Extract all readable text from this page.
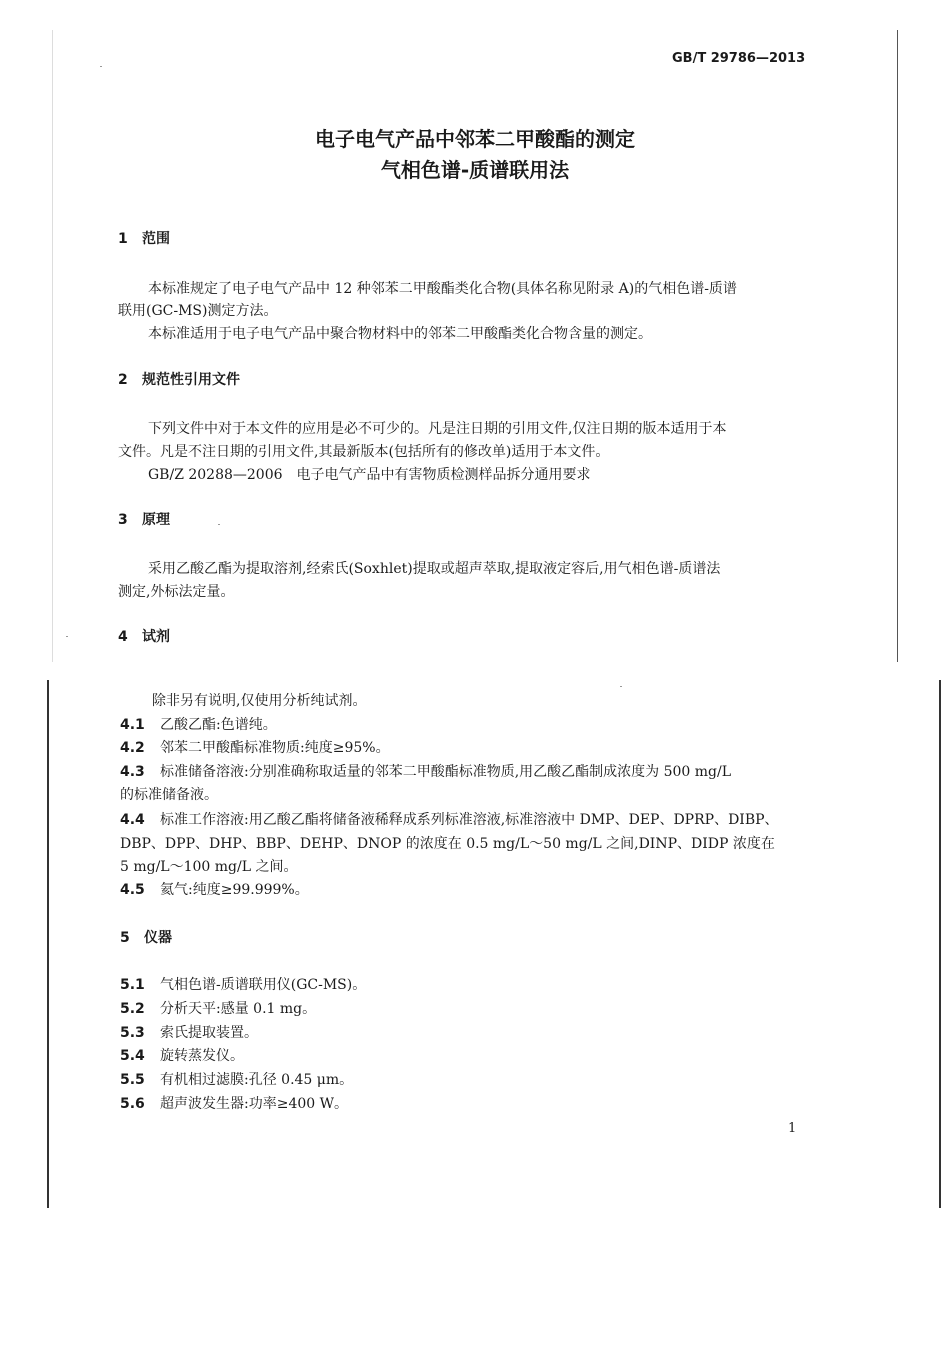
GB/T 29786—2013
电子电气产品中邻苯二甲酸酯的测定
气相色谱-质谱联用法
1 范围
本标准规定了电子电气产品中 12 种邻苯二甲酸酯类化合物(具体名称见附录 A)的气相色谱-质谱
联用(GC-MS)测定方法。
本标准适用于电子电气产品中聚合物材料中的邻苯二甲酸酯类化合物含量的测定。
2 规范性引用文件
下列文件中对于本文件的应用是必不可少的。凡是注日期的引用文件,仅注日期的版本适用于本
文件。凡是不注日期的引用文件,其最新版本(包括所有的修改单)适用于本文件。
GB/Z 20288—2006　电子电气产品中有害物质检测样品拆分通用要求
3 原理
采用乙酸乙酯为提取溶剂,经索氏(Soxhlet)提取或超声萃取,提取液定容后,用气相色谱-质谱法
测定,外标法定量。
4 试剂
除非另有说明,仅使用分析纯试剂。
4.1 乙酸乙酯:色谱纯。
4.2 邻苯二甲酸酯标准物质:纯度≥95%。
4.3 标准储备溶液:分别准确称取适量的邻苯二甲酸酯标准物质,用乙酸乙酯制成浓度为 500 mg/L
的标准储备液。
4.4 标准工作溶液:用乙酸乙酯将储备液稀释成系列标准溶液,标准溶液中 DMP、DEP、DPRP、DIBP、
DBP、DPP、DHP、BBP、DEHP、DNOP 的浓度在 0.5 mg/L～50 mg/L 之间,DINP、DIDP 浓度在
5 mg/L～100 mg/L 之间。
4.5 氦气:纯度≥99.999%。
5 仪器
5.1 气相色谱-质谱联用仪(GC-MS)。
5.2 分析天平:感量 0.1 mg。
5.3 索氏提取装置。
5.4 旋转蒸发仪。
5.5 有机相过滤膜:孔径 0.45 μm。
5.6 超声波发生器:功率≥400 W。
1
